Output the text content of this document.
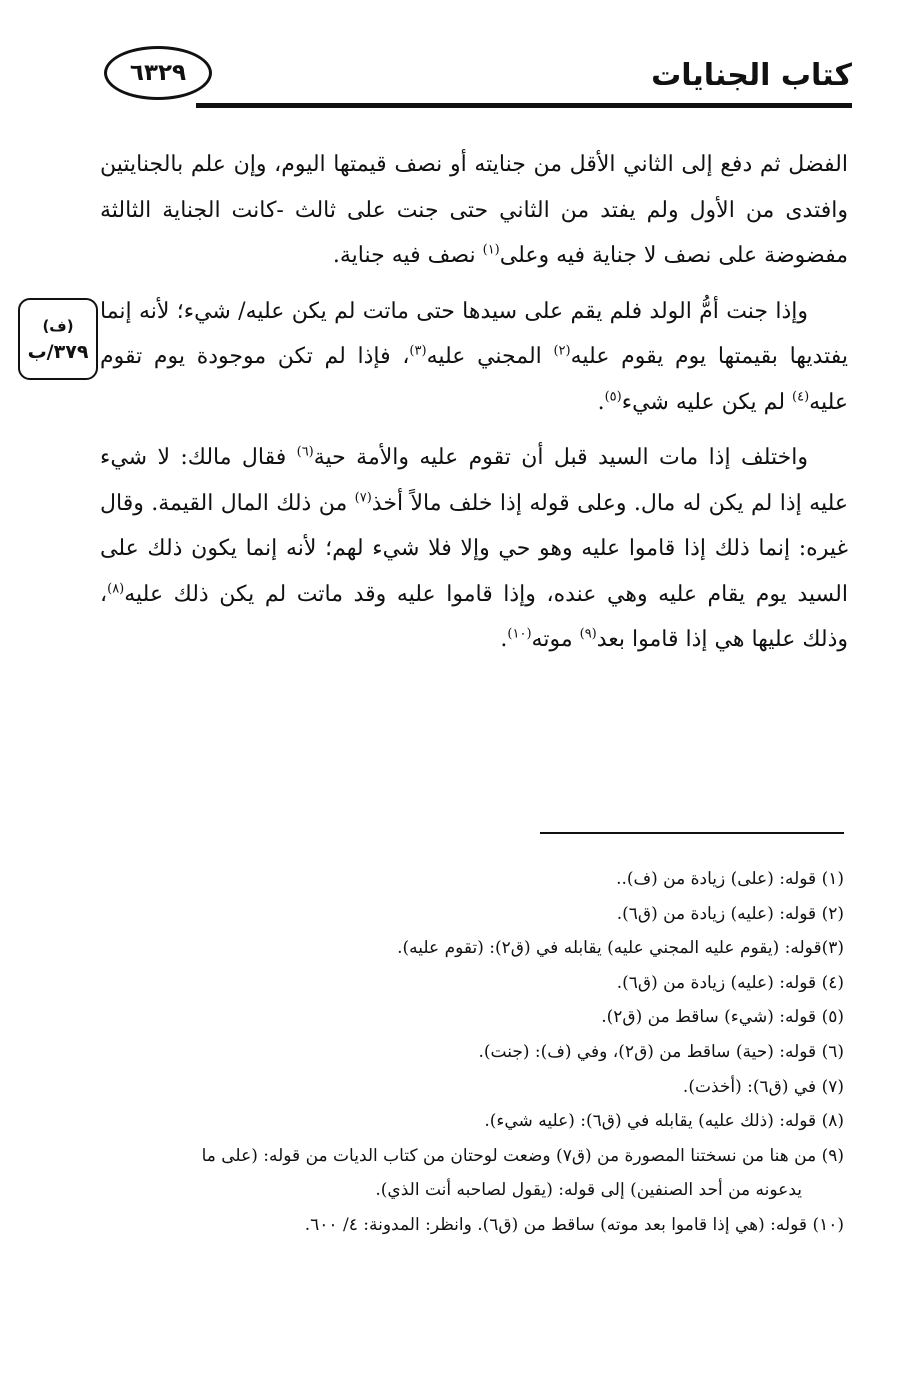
كتاب الجنايات
٦٣٢٩
(ف)
٣٧٩/ب

الفضل ثم دفع إلى الثاني الأقل من جنايته أو نصف قيمتها اليوم، وإن علم بالجنايتين وافتدى من الأول ولم يفتد من الثاني حتى جنت على ثالث -كانت الجناية الثالثة مفضوضة على نصف لا جناية فيه وعلى$^{(١)}$ نصف فيه جناية.

وإذا جنت أمُّ الولد فلم يقم على سيدها حتى ماتت لم يكن عليه/ شيء؛ لأنه إنما يفتديها بقيمتها يوم يقوم عليه$^{(٢)}$ المجني عليه$^{(٣)}$، فإذا لم تكن موجودة يوم تقوم عليه$^{(٤)}$ لم يكن عليه شيء$^{(٥)}$.

واختلف إذا مات السيد قبل أن تقوم عليه والأمة حية$^{(٦)}$ فقال مالك: لا شيء عليه إذا لم يكن له مال. وعلى قوله إذا خلف مالاً أخذ$^{(٧)}$ من ذلك المال القيمة. وقال غيره: إنما ذلك إذا قاموا عليه وهو حي وإلا فلا شيء لهم؛ لأنه إنما يكون ذلك على السيد يوم يقام عليه وهي عنده، وإذا قاموا عليه وقد ماتت لم يكن ذلك عليه$^{(٨)}$، وذلك عليها هي إذا قاموا بعد$^{(٩)}$ موته$^{(١٠)}$.

(١) قوله: (على) زيادة من (ف)..

(٢) قوله: (عليه) زيادة من (ق٦).

(٣)قوله: (يقوم عليه المجني عليه) يقابله في (ق٢): (تقوم عليه).

(٤) قوله: (عليه) زيادة من (ق٦).

(٥) قوله: (شيء) ساقط من (ق٢).

(٦) قوله: (حية) ساقط من (ق٢)، وفي (ف): (جنت).

(٧) في (ق٦): (أخذت).

(٨) قوله: (ذلك عليه) يقابله في (ق٦): (عليه شيء).

(٩) من هنا من نسختنا المصورة من (ق٧) وضعت لوحتان من كتاب الديات من قوله: (على ما

يدعونه من أحد الصنفين) إلى قوله: (يقول لصاحبه أنت الذي).

(١٠) قوله: (هي إذا قاموا بعد موته) ساقط من (ق٦). وانظر: المدونة: ٤/ ٦٠٠.
